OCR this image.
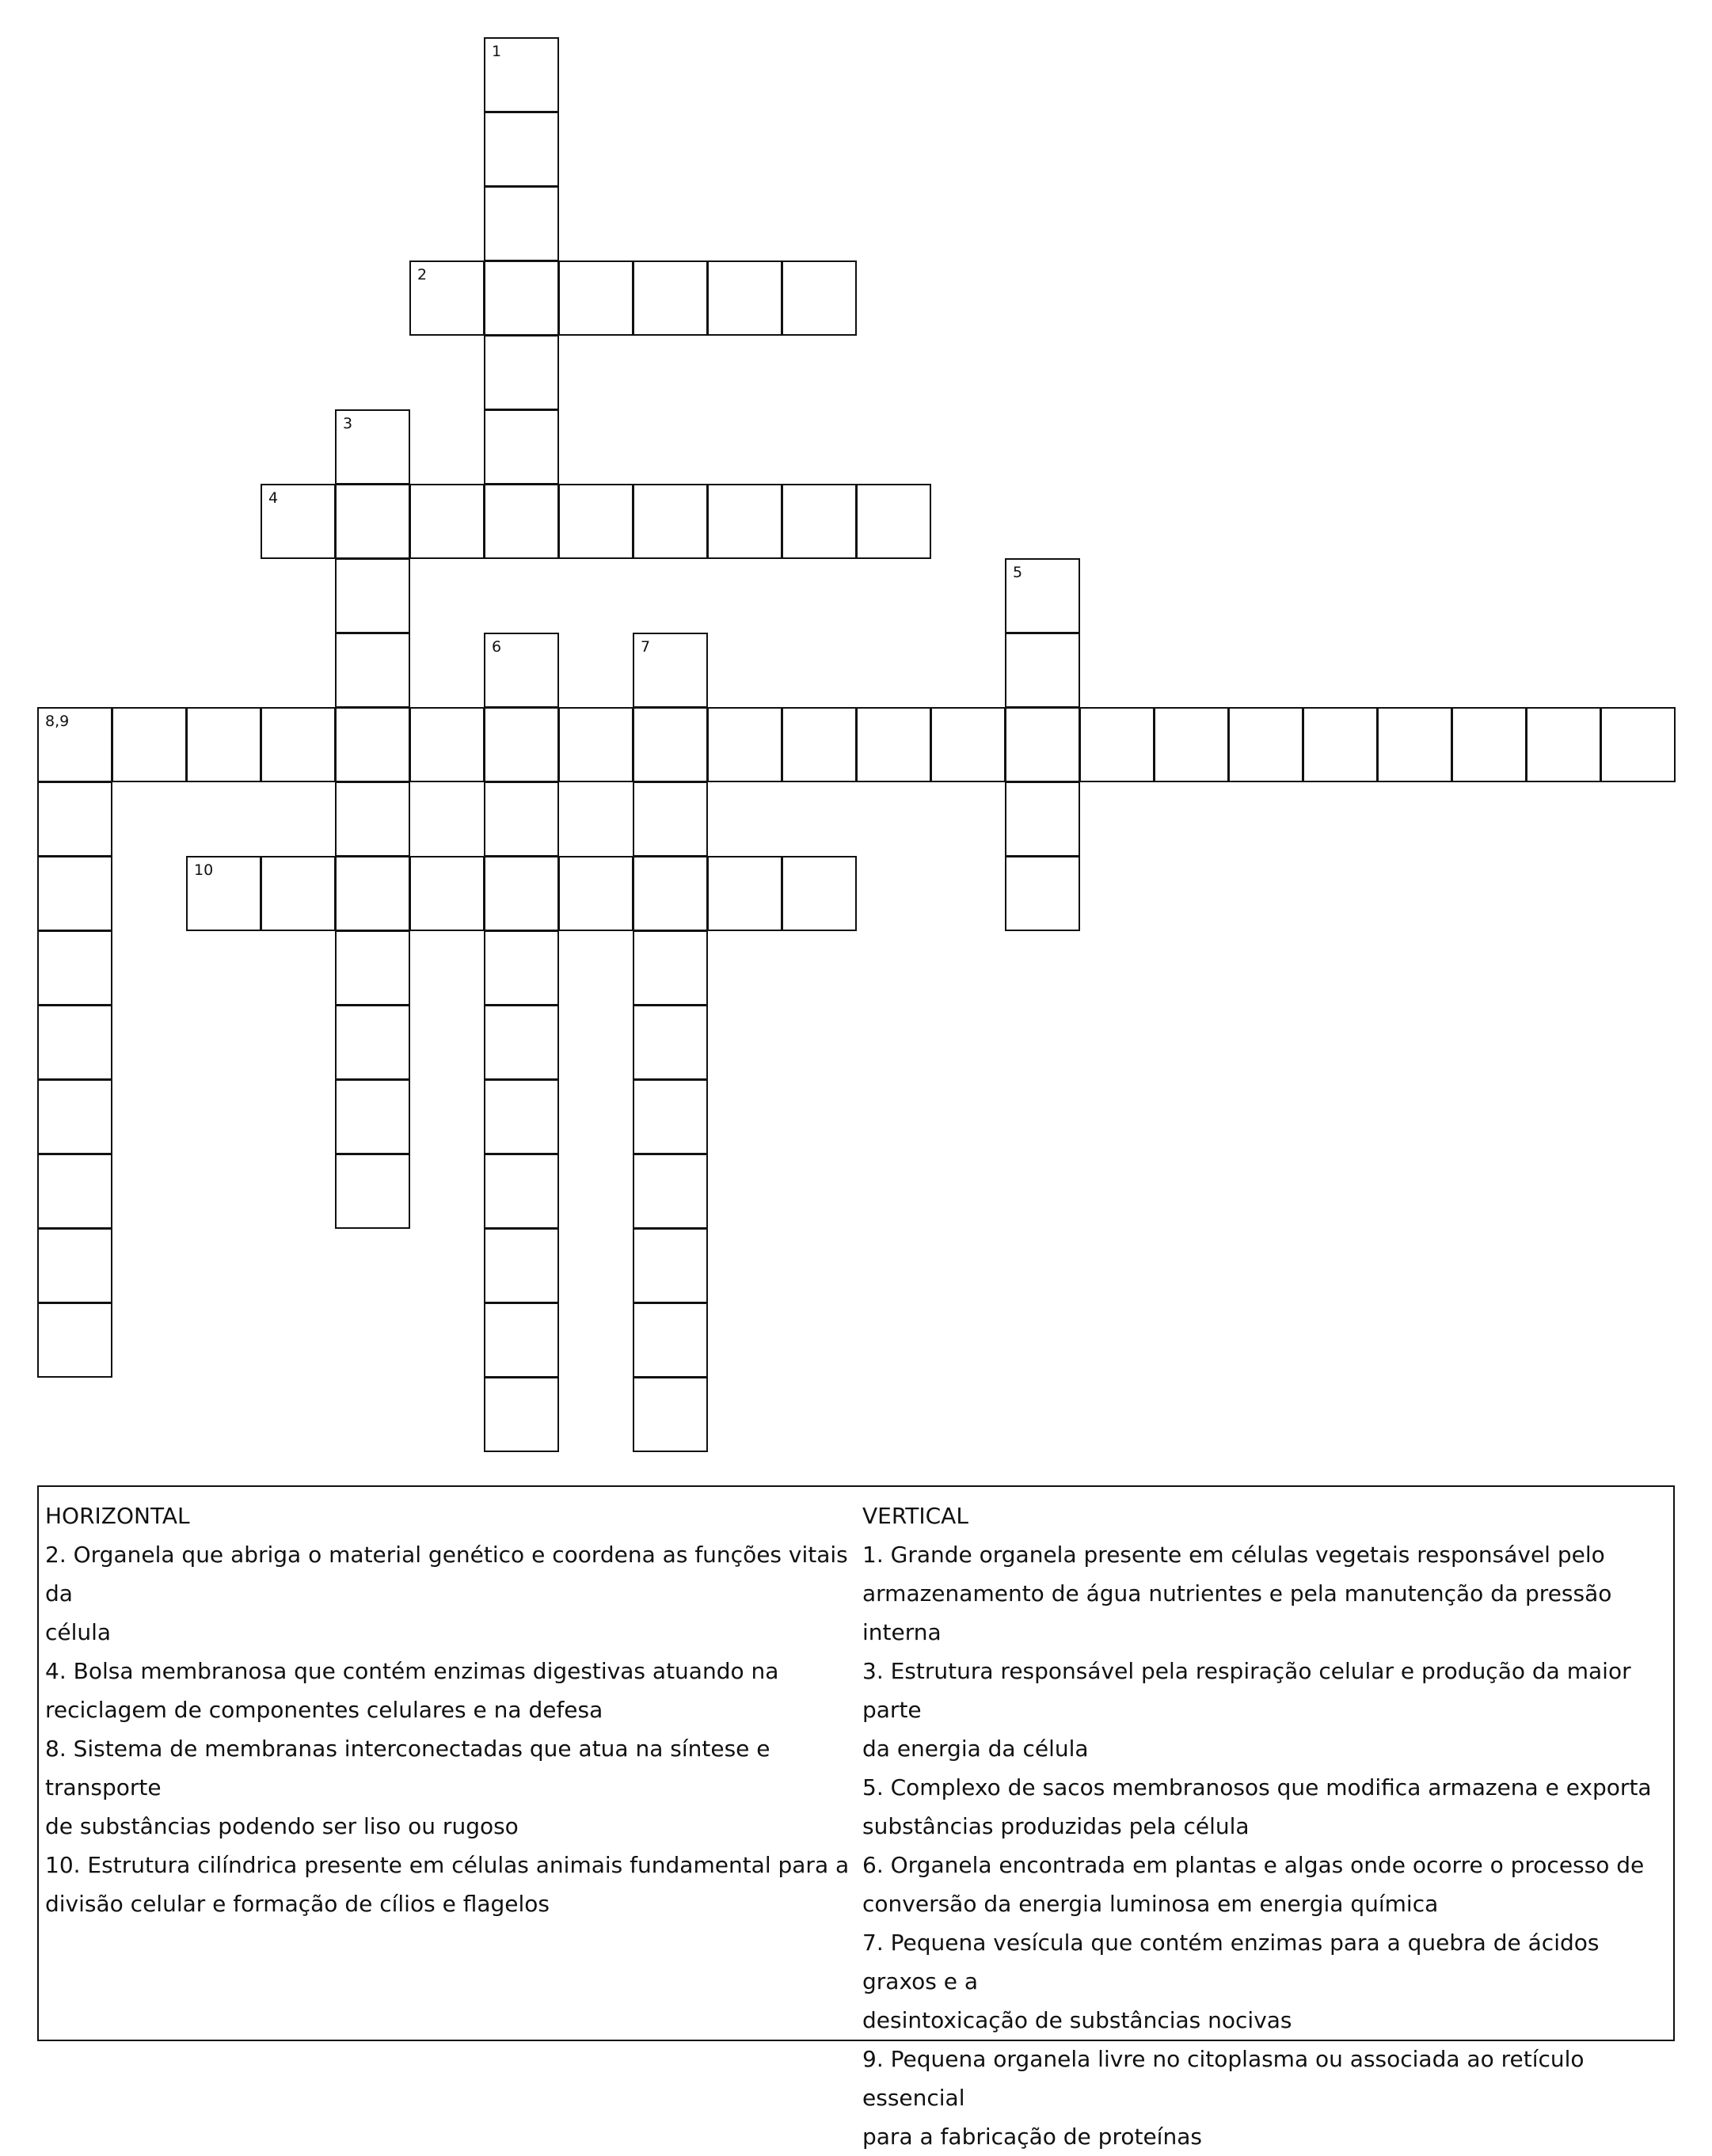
1
2
3
4
5
6	7
8,9
10
HORIZONTAL
2. Organela que abriga o material genético e coordena as funções vitais da
célula
4. Bolsa membranosa que contém enzimas digestivas atuando na
reciclagem de componentes celulares e na defesa
8. Sistema de membranas interconectadas que atua na síntese e transporte
de substâncias podendo ser liso ou rugoso
10. Estrutura cilíndrica presente em células animais fundamental para a
divisão celular e formação de cílios e flagelos
VERTICAL
1. Grande organela presente em células vegetais responsável pelo
armazenamento de água nutrientes e pela manutenção da pressão interna
3. Estrutura responsável pela respiração celular e produção da maior parte
da energia da célula
5. Complexo de sacos membranosos que modifica armazena e exporta
substâncias produzidas pela célula
6. Organela encontrada em plantas e algas onde ocorre o processo de
conversão da energia luminosa em energia química
7. Pequena vesícula que contém enzimas para a quebra de ácidos graxos e a
desintoxicação de substâncias nocivas
9. Pequena organela livre no citoplasma ou associada ao retículo essencial
para a fabricação de proteínas
